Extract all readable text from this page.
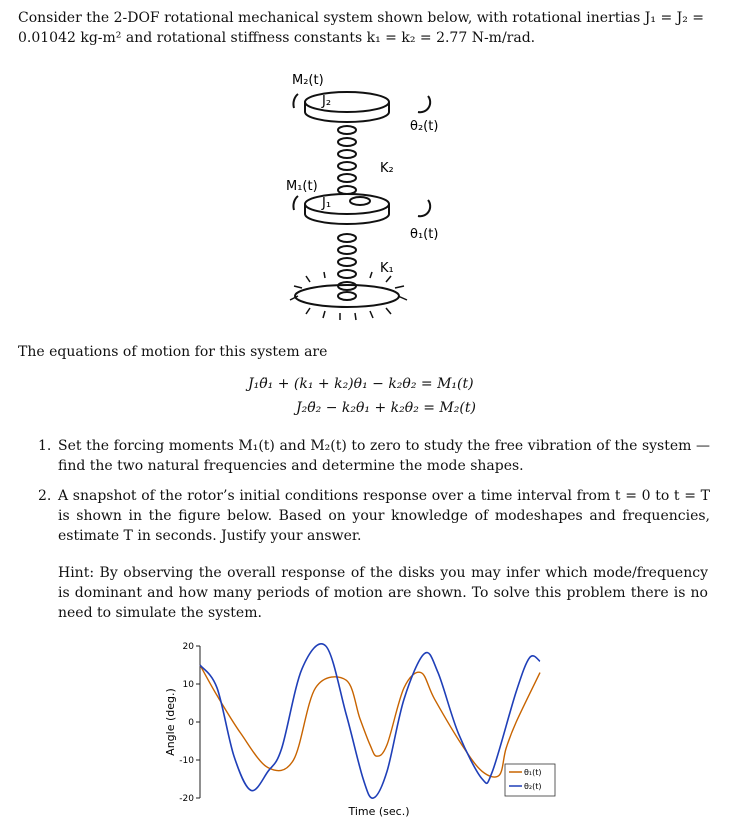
Consider the 2-DOF rotational mechanical system shown below, with rotational inertias J₁ = J₂ =
0.01042 kg-m² and rotational stiffness constants k₁ = k₂ = 2.77 N-m/rad.
M₂(t)
J₂
θ₂(t)
K₂
M₁(t)
J₁
θ₁(t)
K₁
The equations of motion for this system are
J₁θ̈₁ + (k₁ + k₂)θ₁ − k₂θ₂ = M₁(t)
J₂θ̈₂ − k₂θ₁ + k₂θ₂ = M₂(t)
1. Set the forcing moments M₁(t) and M₂(t) to zero to study the free vibration of the system — find the two natural frequencies and determine the mode shapes.
2. A snapshot of the rotor’s initial conditions response over a time interval from t = 0 to t = T is shown in the figure below. Based on your knowledge of modeshapes and frequencies, estimate T in seconds. Justify your answer.
Hint: By observing the overall response of the disks you may infer which mode/frequency is dominant and how many periods of motion are shown. To solve this problem there is no need to simulate the system.
20
10
0
-10
-20
Angle (deg.)
Time (sec.)
θ₁(t)
θ₂(t)
